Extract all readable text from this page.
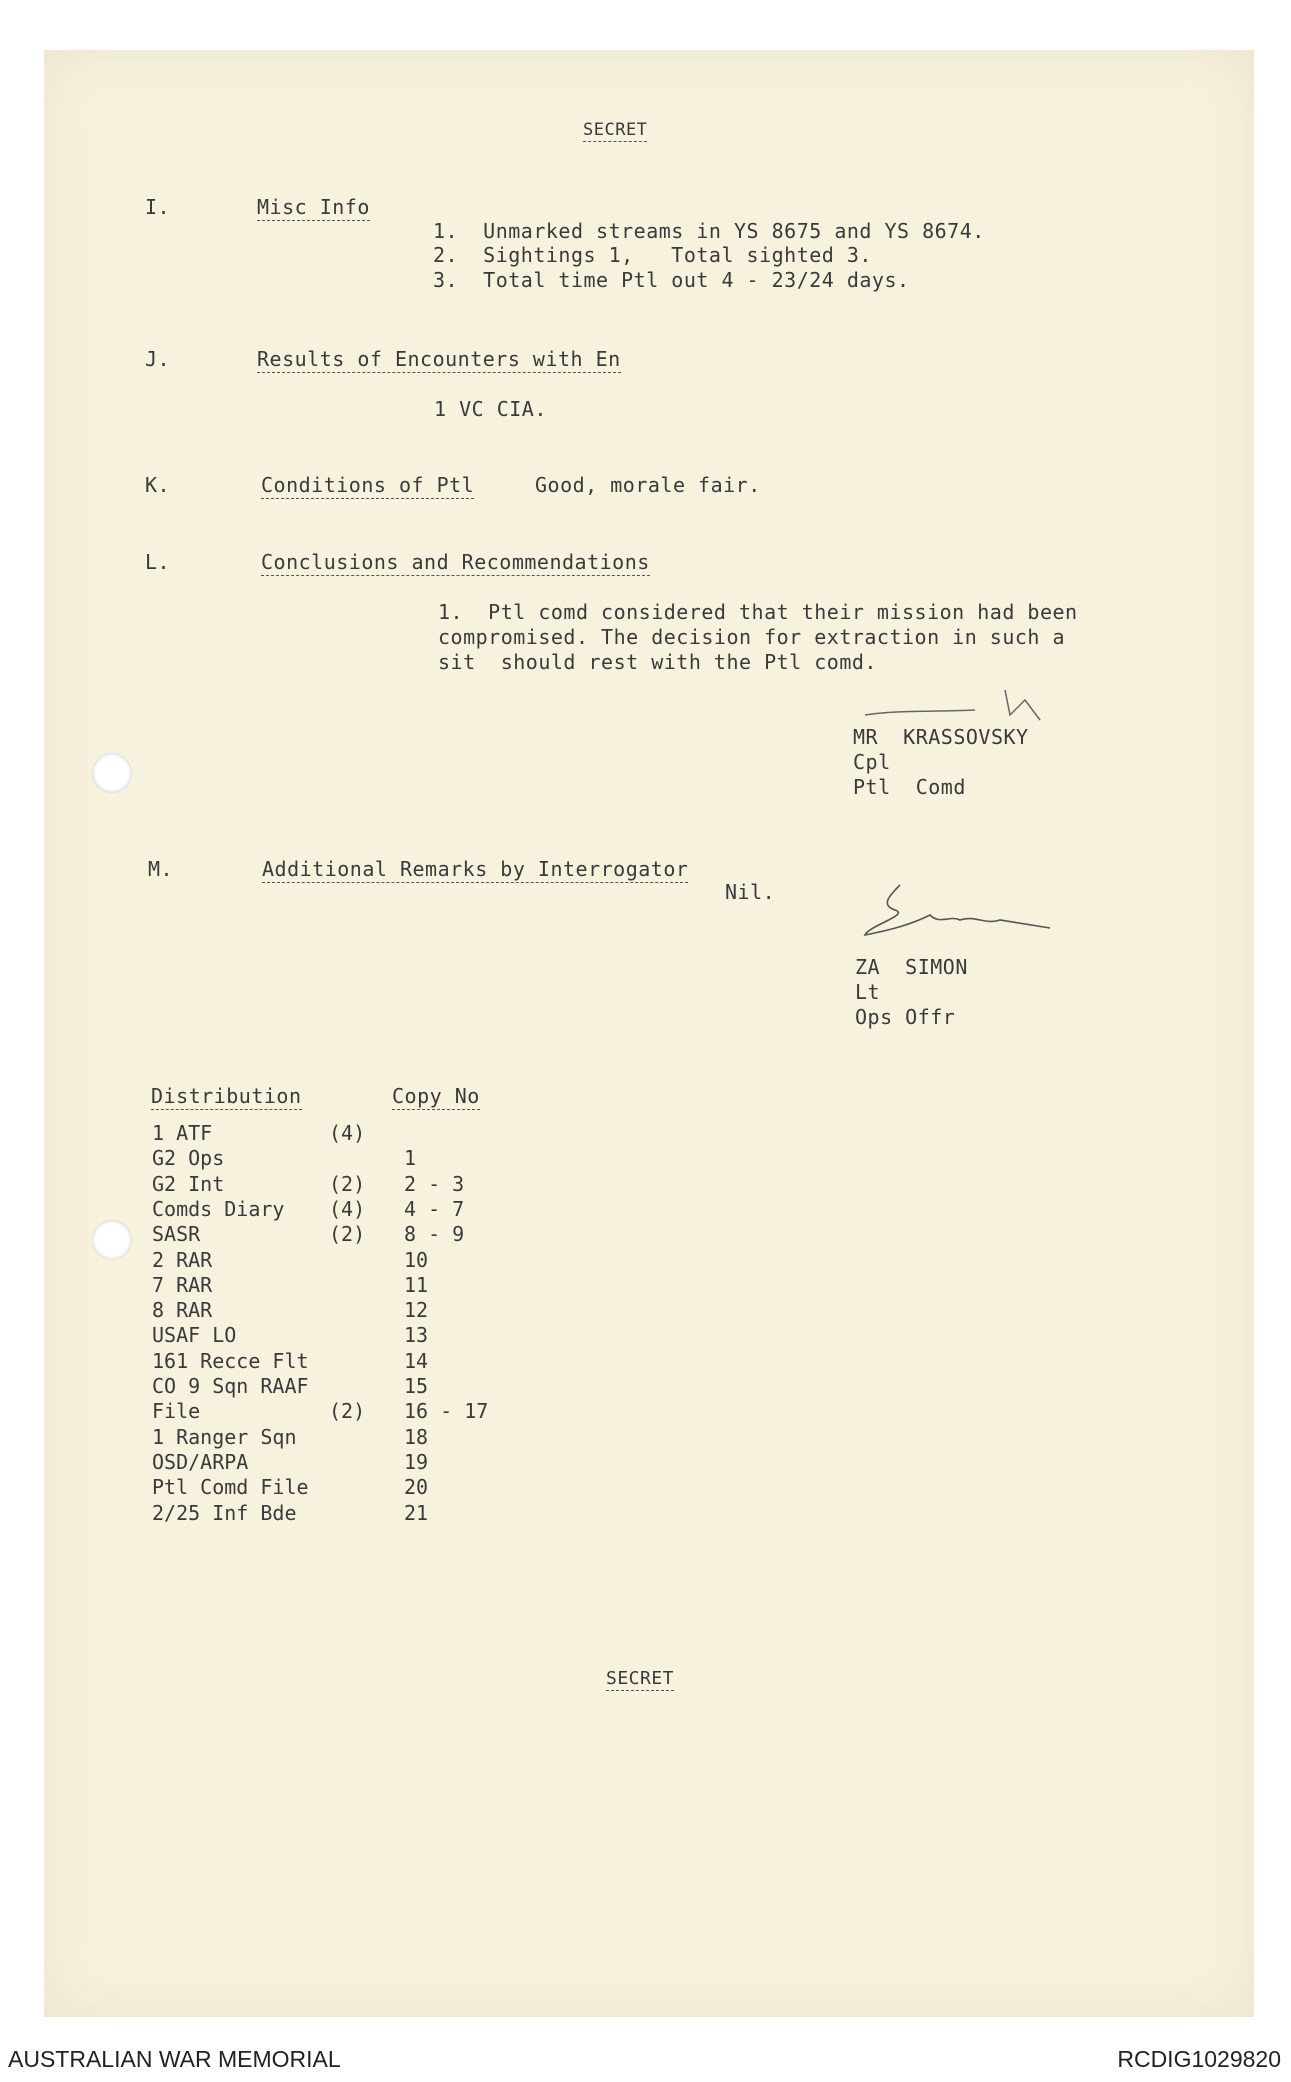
SECRET
I.	Misc Info
1.  Unmarked streams in YS 8675 and YS 8674.
2.  Sightings 1,   Total sighted 3.
3.  Total time Ptl out 4 - 23/24 days.
J.	Results of Encounters with En
1 VC CIA.
K.	Conditions of Ptl	Good, morale fair.
L.	Conclusions and Recommendations
1.  Ptl comd considered that their mission had been
compromised. The decision for extraction in such a
sit  should rest with the Ptl comd.
MR  KRASSOVSKY
Cpl
Ptl  Comd
M.	Additional Remarks by Interrogator
Nil.
ZA  SIMON
Lt
Ops Offr
Distribution	Copy No
1 ATF	(4)
G2 Ops	1
G2 Int	(2) 2 - 3
Comds Diary (4) 4 - 7
SASR	(2) 8 - 9
2 RAR	10
7 RAR	11
8 RAR	12
USAF LO	13
161 Recce Flt	14
CO 9 Sqn RAAF	15
File	(2) 16 - 17
1 Ranger Sqn	18
OSD/ARPA	19
Ptl Comd File	20
2/25 Inf Bde	21
SECRET
AUSTRALIAN WAR MEMORIAL	RCDIG1029820
